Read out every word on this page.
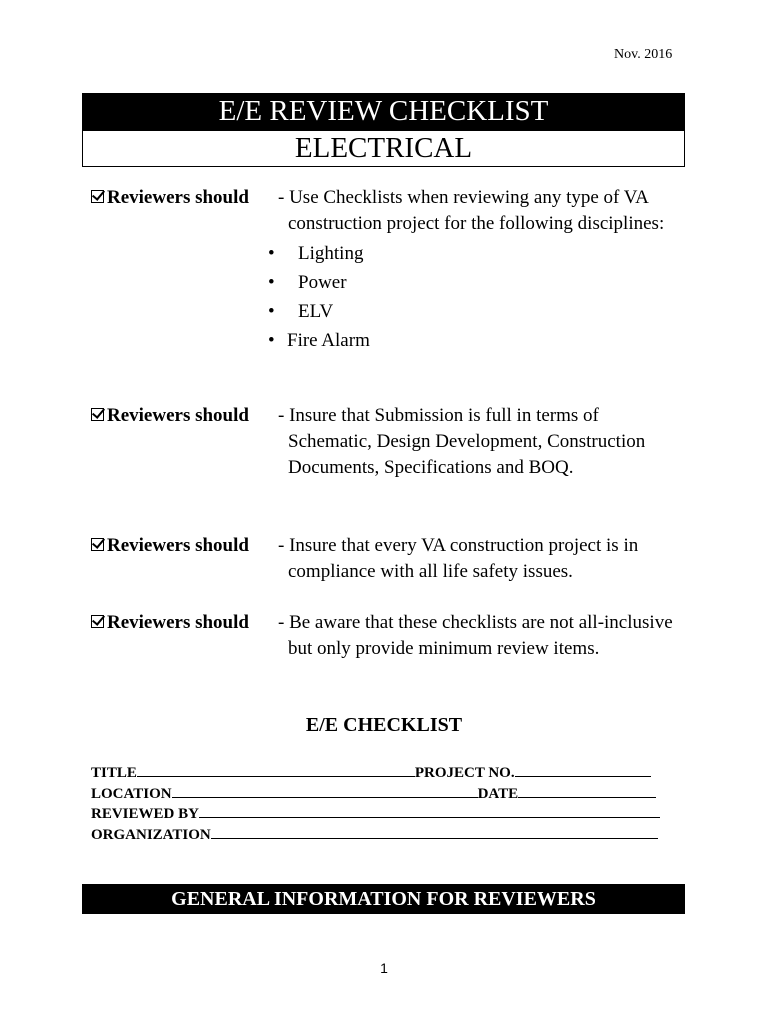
Nov. 2016
E/E REVIEW CHECKLIST
ELECTRICAL
Reviewers should - Use Checklists when reviewing any type of VA construction project for the following disciplines:
• Lighting
• Power
• ELV
• Fire Alarm
Reviewers should - Insure that Submission is full in terms of Schematic, Design Development, Construction Documents, Specifications and BOQ.
Reviewers should - Insure that every VA construction project is in compliance with all life safety issues.
Reviewers should - Be aware that these checklists are not all-inclusive but only provide minimum review items.
E/E CHECKLIST
TITLE	PROJECT NO.
LOCATION	DATE
REVIEWED BY
ORGANIZATION
GENERAL INFORMATION FOR REVIEWERS
1
